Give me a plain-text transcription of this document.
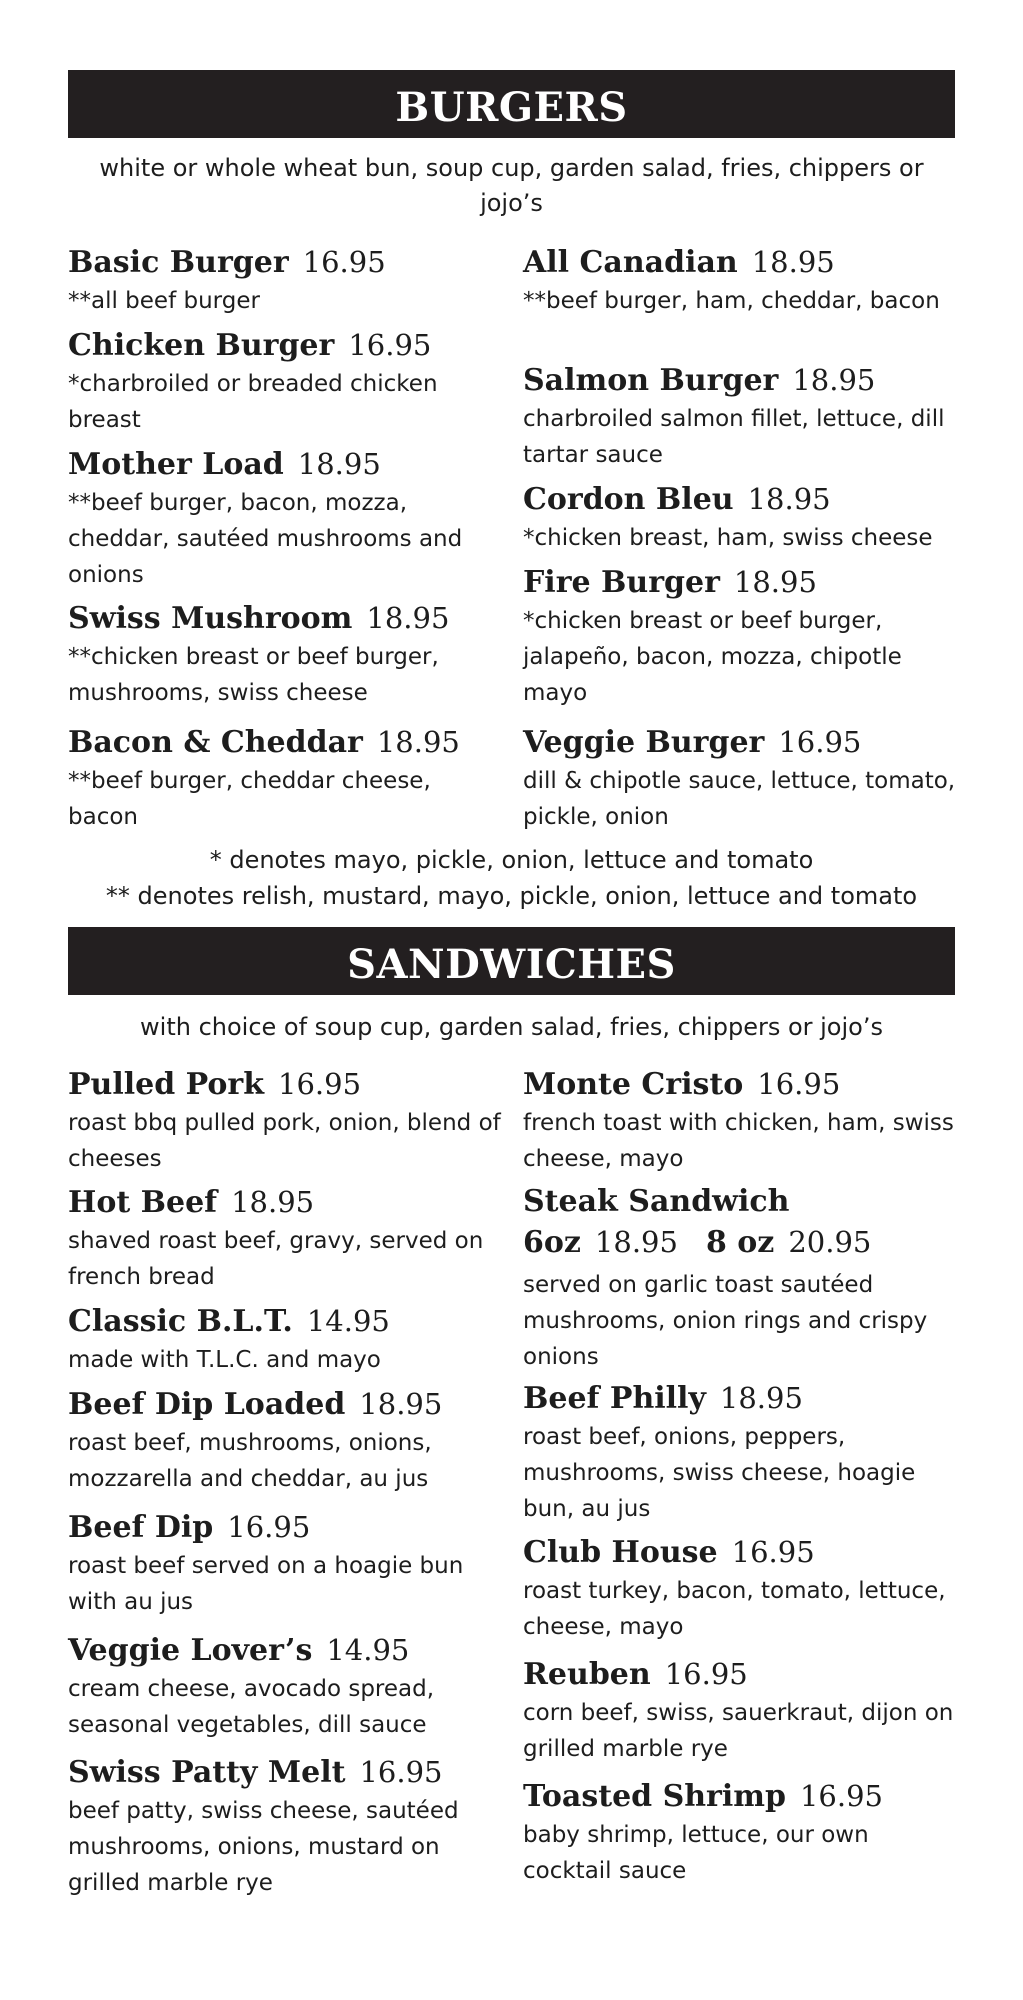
BURGERS
white or whole wheat bun, soup cup, garden salad, fries, chippers or jojo’s
Basic Burger 16.95
**all beef burger
Chicken Burger 16.95
*charbroiled or breaded chicken breast
Mother Load 18.95
**beef burger, bacon, mozza, cheddar, sautéed mushrooms and onions
Swiss Mushroom 18.95
**chicken breast or beef burger, mushrooms, swiss cheese
Bacon & Cheddar 18.95
**beef burger, cheddar cheese, bacon
All Canadian 18.95
**beef burger, ham, cheddar, bacon
Salmon Burger 18.95
charbroiled salmon fillet, lettuce, dill tartar sauce
Cordon Bleu 18.95
*chicken breast, ham, swiss cheese
Fire Burger 18.95
*chicken breast or beef burger, jalapeño, bacon, mozza, chipotle mayo
Veggie Burger 16.95
dill & chipotle sauce, lettuce, tomato, pickle, onion
* denotes mayo, pickle, onion, lettuce and tomato
** denotes relish, mustard, mayo, pickle, onion, lettuce and tomato
SANDWICHES
with choice of soup cup, garden salad, fries, chippers or jojo’s
Pulled Pork 16.95
roast bbq pulled pork, onion, blend of cheeses
Hot Beef 18.95
shaved roast beef, gravy, served on french bread
Classic B.L.T. 14.95
made with T.L.C. and mayo
Beef Dip Loaded 18.95
roast beef, mushrooms, onions, mozzarella and cheddar, au jus
Beef Dip 16.95
roast beef served on a hoagie bun with au jus
Veggie Lover’s 14.95
cream cheese, avocado spread, seasonal vegetables, dill sauce
Swiss Patty Melt 16.95
beef patty, swiss cheese, sautéed mushrooms, onions, mustard on grilled marble rye
Monte Cristo 16.95
french toast with chicken, ham, swiss cheese, mayo
Steak Sandwich
6oz 18.95 8 oz 20.95
served on garlic toast sautéed mushrooms, onion rings and crispy onions
Beef Philly 18.95
roast beef, onions, peppers, mushrooms, swiss cheese, hoagie bun, au jus
Club House 16.95
roast turkey, bacon, tomato, lettuce, cheese, mayo
Reuben 16.95
corn beef, swiss, sauerkraut, dijon on grilled marble rye
Toasted Shrimp 16.95
baby shrimp, lettuce, our own cocktail sauce
